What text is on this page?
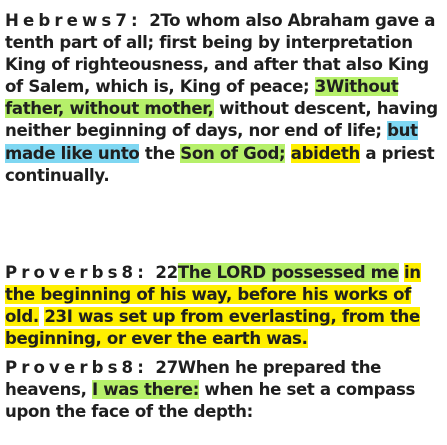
Hebrews7: 2To whom also Abraham gave a tenth part of all; first being by interpretation King of righteousness, and after that also King of Salem, which is, King of peace; 3Without father, without mother, without descent, having neither beginning of days, nor end of life; but made like unto the Son of God; abideth a priest continually.
Proverbs8: 22The LORD possessed me in the beginning of his way, before his works of old. 23I was set up from everlasting, from the beginning, or ever the earth was.
Proverbs8: 27When he prepared the heavens, I was there: when he set a compass upon the face of the depth:
